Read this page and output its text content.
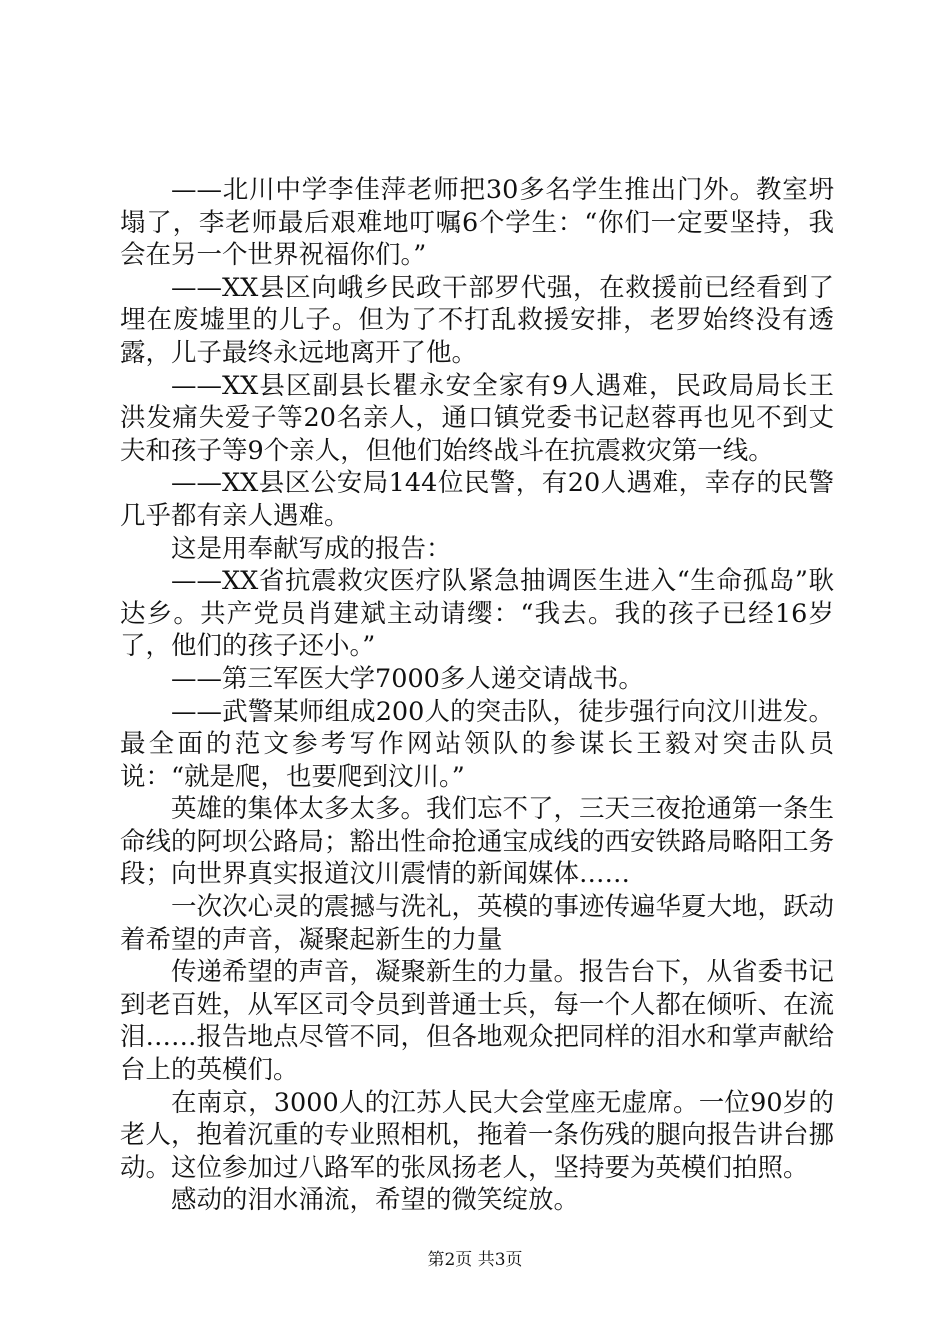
——北川中学李佳萍老师把30多名学生推出门外。教室坍塌了，李老师最后艰难地叮嘱6个学生：“你们一定要坚持，我会在另一个世界祝福你们。”

——XX县区向峨乡民政干部罗代强，在救援前已经看到了埋在废墟里的儿子。但为了不打乱救援安排，老罗始终没有透露，儿子最终永远地离开了他。

——XX县区副县长瞿永安全家有9人遇难，民政局局长王洪发痛失爱子等20名亲人，通口镇党委书记赵蓉再也见不到丈夫和孩子等9个亲人，但他们始终战斗在抗震救灾第一线。

——XX县区公安局144位民警，有20人遇难，幸存的民警几乎都有亲人遇难。

这是用奉献写成的报告：

——XX省抗震救灾医疗队紧急抽调医生进入“生命孤岛”耿达乡。共产党员肖建斌主动请缨：“我去。我的孩子已经16岁了，他们的孩子还小。”

——第三军医大学7000多人递交请战书。

——武警某师组成200人的突击队，徒步强行向汶川进发。最全面的范文参考写作网站领队的参谋长王毅对突击队员说：“就是爬，也要爬到汶川。”

英雄的集体太多太多。我们忘不了，三天三夜抢通第一条生命线的阿坝公路局；豁出性命抢通宝成线的西安铁路局略阳工务段；向世界真实报道汶川震情的新闻媒体……

一次次心灵的震撼与洗礼，英模的事迹传遍华夏大地，跃动着希望的声音，凝聚起新生的力量

传递希望的声音，凝聚新生的力量。报告台下，从省委书记到老百姓，从军区司令员到普通士兵，每一个人都在倾听、在流泪……报告地点尽管不同，但各地观众把同样的泪水和掌声献给台上的英模们。

在南京，3000人的江苏人民大会堂座无虚席。一位90岁的老人，抱着沉重的专业照相机，拖着一条伤残的腿向报告讲台挪动。这位参加过八路军的张凤扬老人，坚持要为英模们拍照。

感动的泪水涌流，希望的微笑绽放。

第2页 共3页
